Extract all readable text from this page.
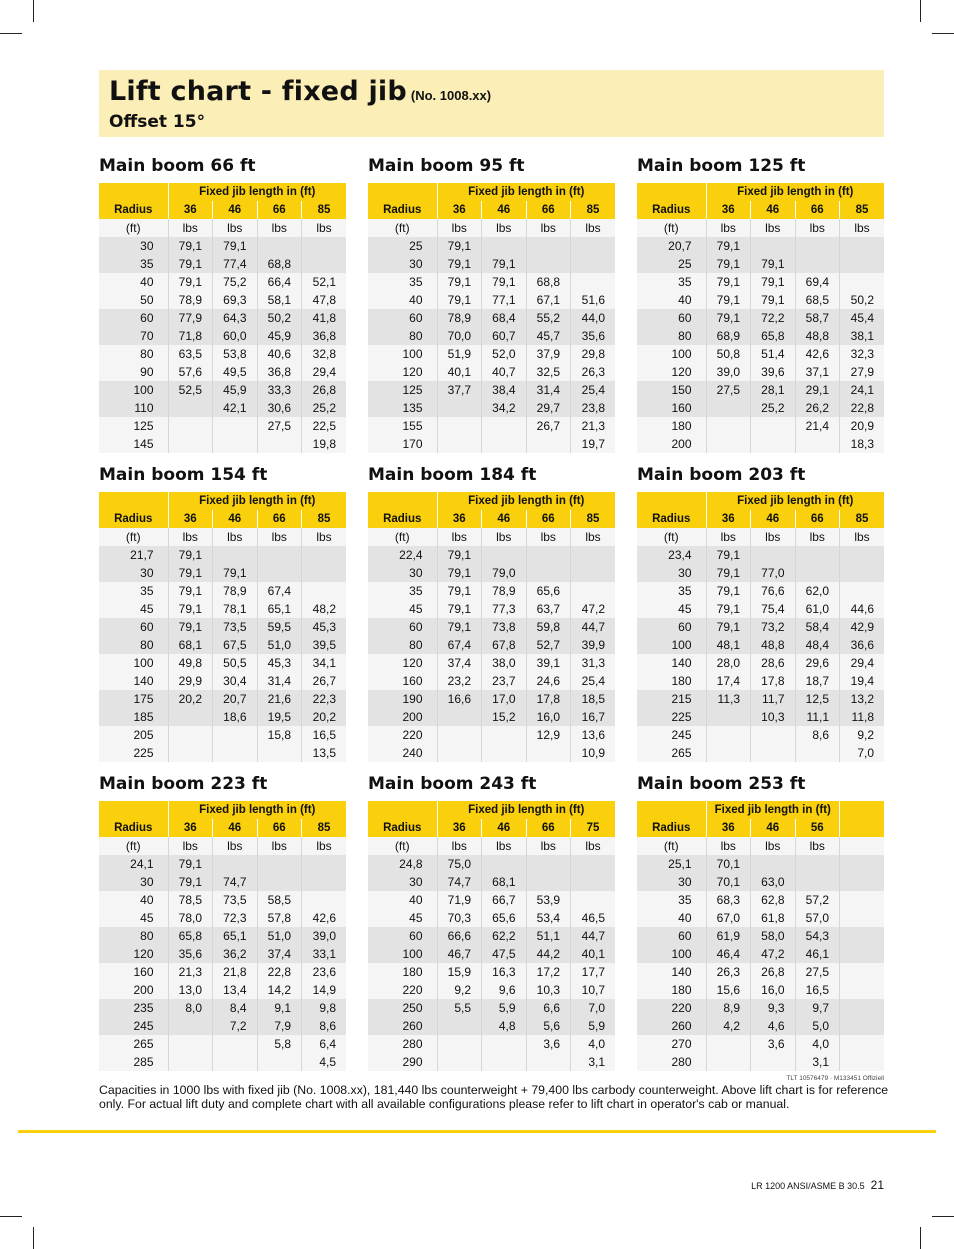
Lift chart - fixed jib (No. 1008.xx)
Offset 15°
Main boom 66 ft
	Fixed jib length in (ft)			
Radius	36	46	66	85
(ft)	lbs	lbs	lbs	lbs
30	79,1	79,1		
35	79,1	77,4	68,8	
40	79,1	75,2	66,4	52,1
50	78,9	69,3	58,1	47,8
60	77,9	64,3	50,2	41,8
70	71,8	60,0	45,9	36,8
80	63,5	53,8	40,6	32,8
90	57,6	49,5	36,8	29,4
100	52,5	45,9	33,3	26,8
110		42,1	30,6	25,2
125			27,5	22,5
145				19,8
Main boom 95 ft
	Fixed jib length in (ft)			
Radius	36	46	66	85
(ft)	lbs	lbs	lbs	lbs
25	79,1			
30	79,1	79,1		
35	79,1	79,1	68,8	
40	79,1	77,1	67,1	51,6
60	78,9	68,4	55,2	44,0
80	70,0	60,7	45,7	35,6
100	51,9	52,0	37,9	29,8
120	40,1	40,7	32,5	26,3
125	37,7	38,4	31,4	25,4
135		34,2	29,7	23,8
155			26,7	21,3
170				19,7
Main boom 125 ft
	Fixed jib length in (ft)			
Radius	36	46	66	85
(ft)	lbs	lbs	lbs	lbs
20,7	79,1			
25	79,1	79,1		
35	79,1	79,1	69,4	
40	79,1	79,1	68,5	50,2
60	79,1	72,2	58,7	45,4
80	68,9	65,8	48,8	38,1
100	50,8	51,4	42,6	32,3
120	39,0	39,6	37,1	27,9
150	27,5	28,1	29,1	24,1
160		25,2	26,2	22,8
180			21,4	20,9
200				18,3
Main boom 154 ft
	Fixed jib length in (ft)			
Radius	36	46	66	85
(ft)	lbs	lbs	lbs	lbs
21,7	79,1			
30	79,1	79,1		
35	79,1	78,9	67,4	
45	79,1	78,1	65,1	48,2
60	79,1	73,5	59,5	45,3
80	68,1	67,5	51,0	39,5
100	49,8	50,5	45,3	34,1
140	29,9	30,4	31,4	26,7
175	20,2	20,7	21,6	22,3
185		18,6	19,5	20,2
205			15,8	16,5
225				13,5
Main boom 184 ft
	Fixed jib length in (ft)			
Radius	36	46	66	85
(ft)	lbs	lbs	lbs	lbs
22,4	79,1			
30	79,1	79,0		
35	79,1	78,9	65,6	
45	79,1	77,3	63,7	47,2
60	79,1	73,8	59,8	44,7
80	67,4	67,8	52,7	39,9
120	37,4	38,0	39,1	31,3
160	23,2	23,7	24,6	25,4
190	16,6	17,0	17,8	18,5
200		15,2	16,0	16,7
220			12,9	13,6
240				10,9
Main boom 203 ft
	Fixed jib length in (ft)			
Radius	36	46	66	85
(ft)	lbs	lbs	lbs	lbs
23,4	79,1			
30	79,1	77,0		
35	79,1	76,6	62,0	
45	79,1	75,4	61,0	44,6
60	79,1	73,2	58,4	42,9
100	48,1	48,8	48,4	36,6
140	28,0	28,6	29,6	29,4
180	17,4	17,8	18,7	19,4
215	11,3	11,7	12,5	13,2
225		10,3	11,1	11,8
245			8,6	9,2
265				7,0
Main boom 223 ft
	Fixed jib length in (ft)			
Radius	36	46	66	85
(ft)	lbs	lbs	lbs	lbs
24,1	79,1			
30	79,1	74,7		
40	78,5	73,5	58,5	
45	78,0	72,3	57,8	42,6
80	65,8	65,1	51,0	39,0
120	35,6	36,2	37,4	33,1
160	21,3	21,8	22,8	23,6
200	13,0	13,4	14,2	14,9
235	8,0	8,4	9,1	9,8
245		7,2	7,9	8,6
265			5,8	6,4
285				4,5
Main boom 243 ft
	Fixed jib length in (ft)			
Radius	36	46	66	75
(ft)	lbs	lbs	lbs	lbs
24,8	75,0			
30	74,7	68,1		
40	71,9	66,7	53,9	
45	70,3	65,6	53,4	46,5
60	66,6	62,2	51,1	44,7
100	46,7	47,5	44,2	40,1
180	15,9	16,3	17,2	17,7
220	9,2	9,6	10,3	10,7
250	5,5	5,9	6,6	7,0
260		4,8	5,6	5,9
280			3,6	4,0
290				3,1
Main boom 253 ft
	Fixed jib length in (ft)			
Radius	36	46	56	
(ft)	lbs	lbs	lbs	
25,1	70,1			
30	70,1	63,0		
35	68,3	62,8	57,2	
40	67,0	61,8	57,0	
60	61,9	58,0	54,3	
100	46,4	47,2	46,1	
140	26,3	26,8	27,5	
180	15,6	16,0	16,5	
220	8,9	9,3	9,7	
260	4,2	4,6	5,0	
270		3,6	4,0	
280			3,1	
TLT 10576479 · M133451 Offiziell
Capacities in 1000 lbs with fixed jib (No. 1008.xx), 181,440 lbs counterweight + 79,400 lbs carbody counterweight. Above lift chart is for reference only. For actual lift duty and complete chart with all available configurations please refer to lift chart in operator's cab or manual.
LR 1200 ANSI/ASME B 30.5 21
